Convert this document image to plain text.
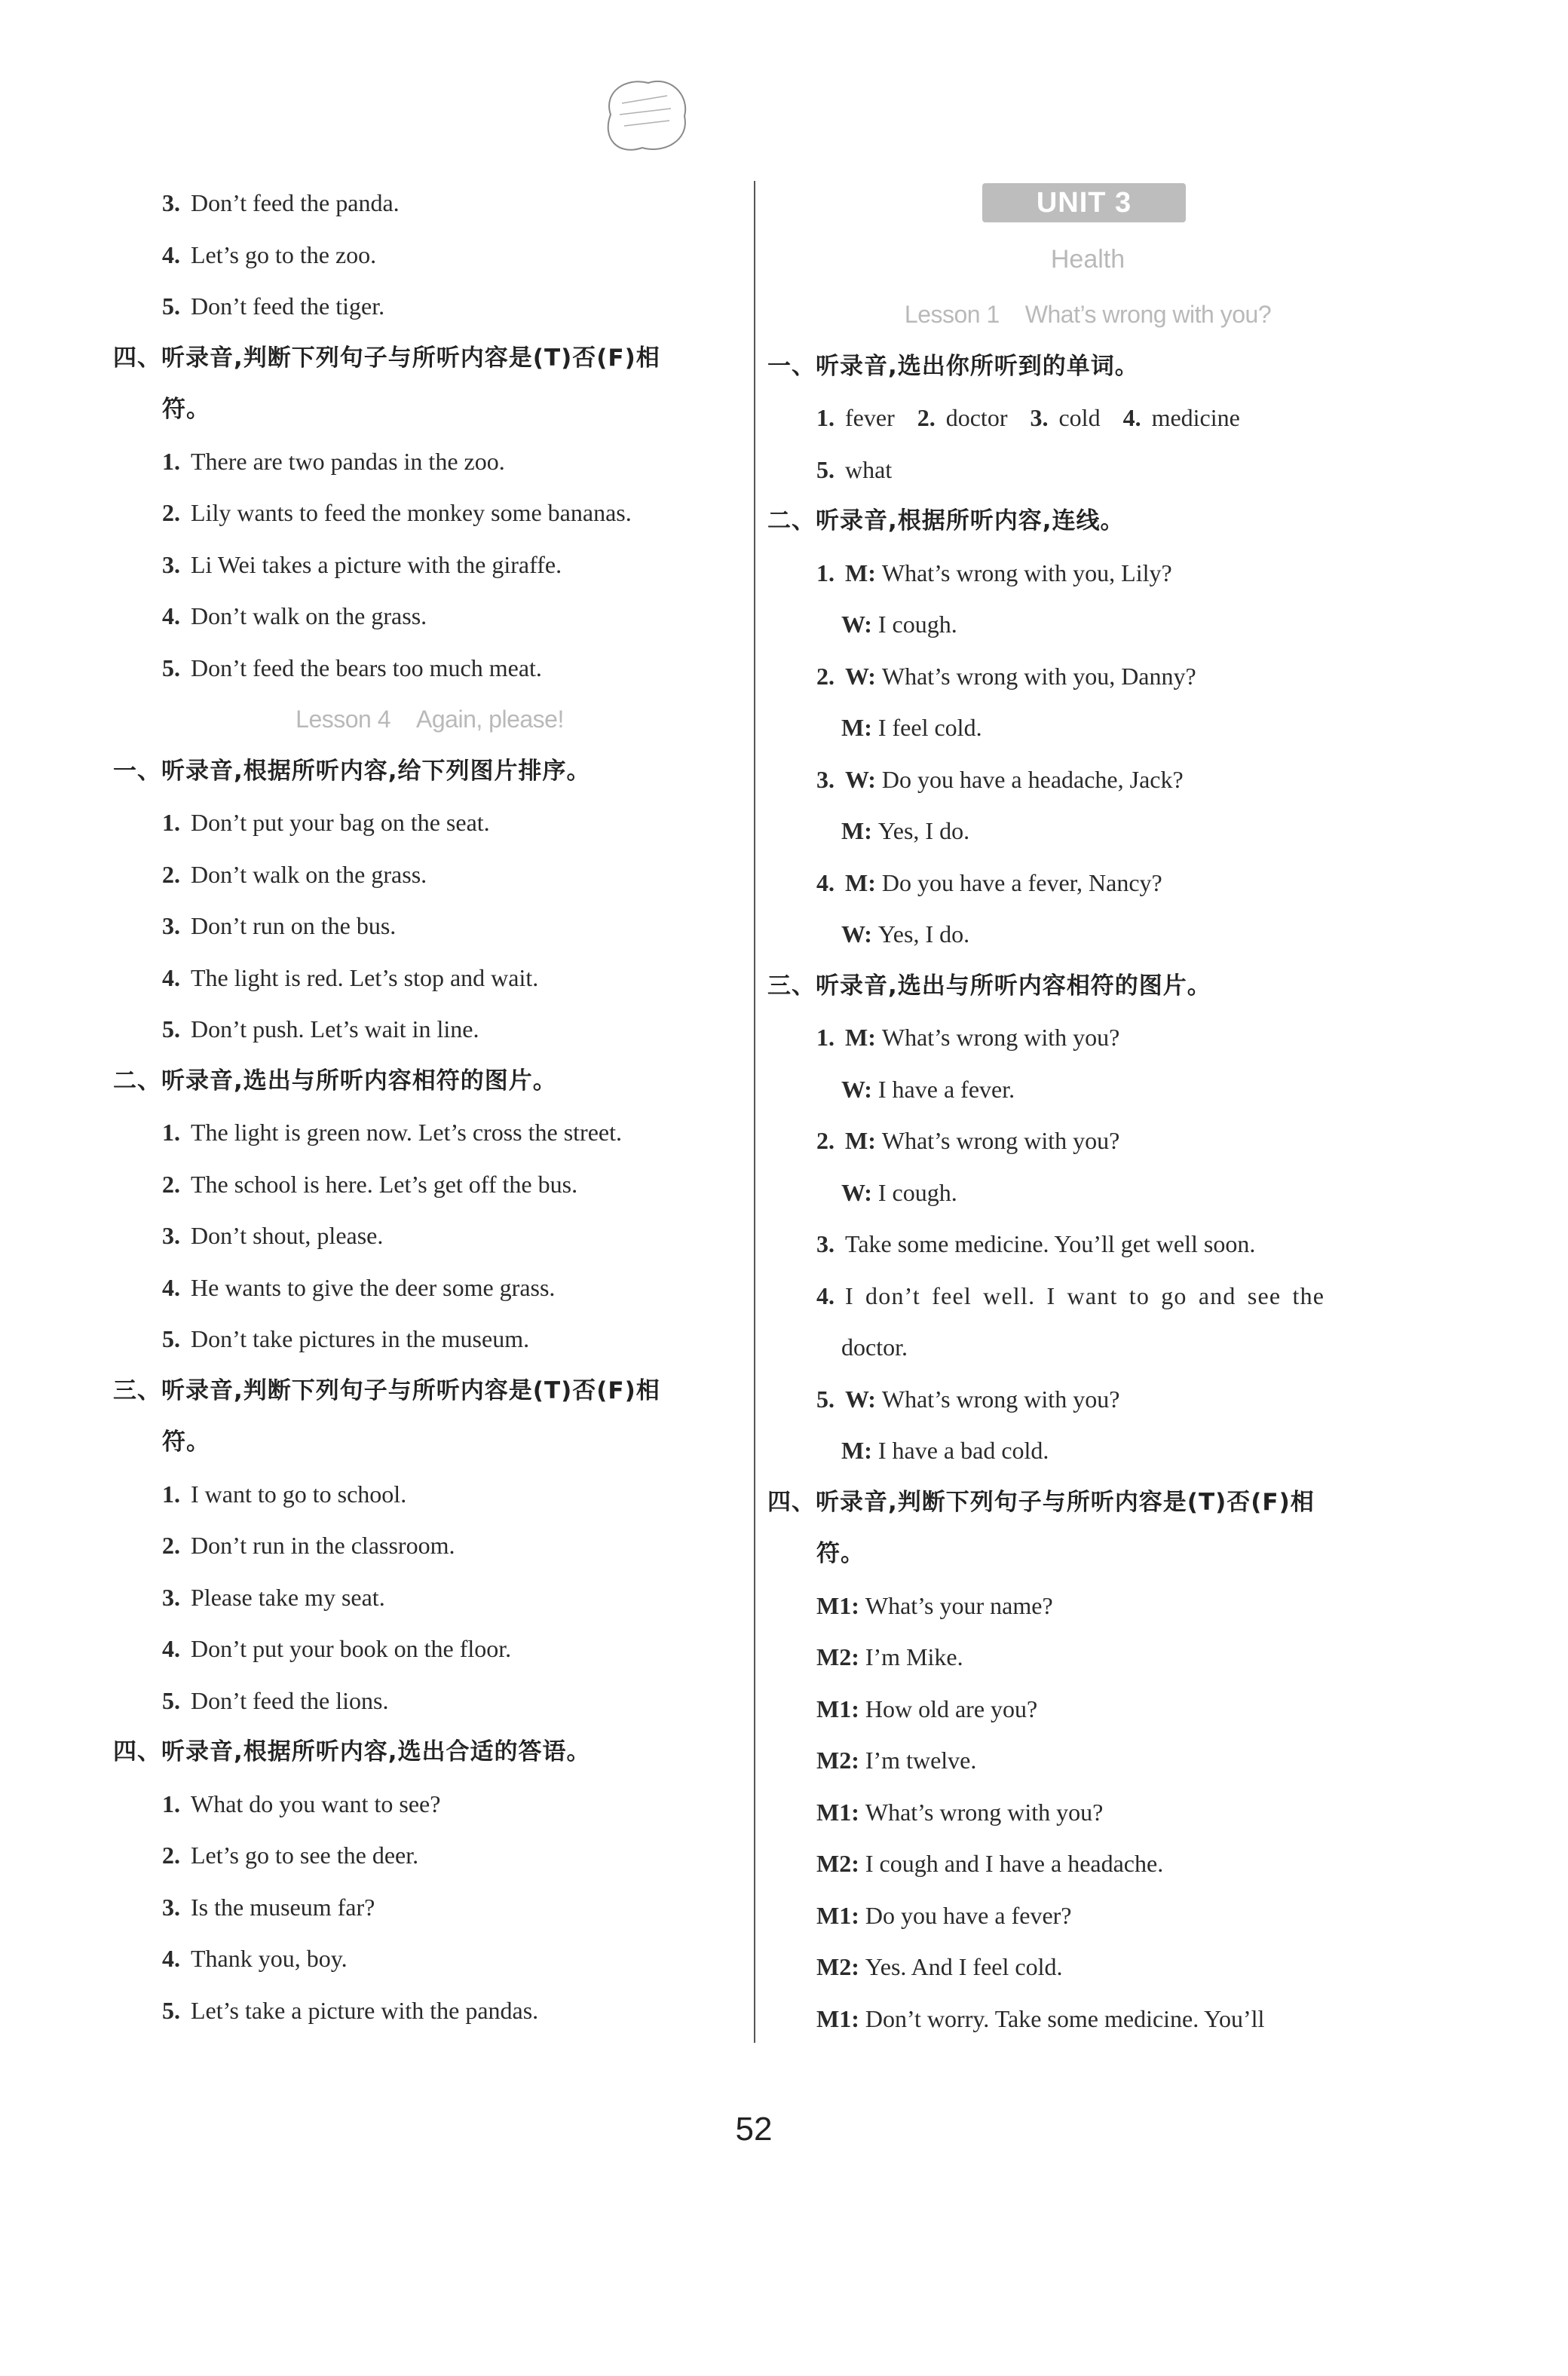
3. Don’t feed the panda.
4. Let’s go to the zoo.
5. Don’t feed the tiger.
四、听录音,判断下列句子与所听内容是(T)否(F)相
符。
1. There are two pandas in the zoo.
2. Lily wants to feed the monkey some bananas.
3. Li Wei takes a picture with the giraffe.
4. Don’t walk on the grass.
5. Don’t feed the bears too much meat.
Lesson 4 Again, please!
一、听录音,根据所听内容,给下列图片排序。
1. Don’t put your bag on the seat.
2. Don’t walk on the grass.
3. Don’t run on the bus.
4. The light is red. Let’s stop and wait.
5. Don’t push. Let’s wait in line.
二、听录音,选出与所听内容相符的图片。
1. The light is green now. Let’s cross the street.
2. The school is here. Let’s get off the bus.
3. Don’t shout, please.
4. He wants to give the deer some grass.
5. Don’t take pictures in the museum.
三、听录音,判断下列句子与所听内容是(T)否(F)相
符。
1. I want to go to school.
2. Don’t run in the classroom.
3. Please take my seat.
4. Don’t put your book on the floor.
5. Don’t feed the lions.
四、听录音,根据所听内容,选出合适的答语。
1. What do you want to see?
2. Let’s go to see the deer.
3. Is the museum far?
4. Thank you, boy.
5. Let’s take a picture with the pandas.
UNIT 3
Health
Lesson 1 What’s wrong with you?
一、听录音,选出你所听到的单词。
1. fever 2. doctor 3. cold 4. medicine
5. what
二、听录音,根据所听内容,连线。
1. M: What’s wrong with you, Lily?
W: I cough.
2. W: What’s wrong with you, Danny?
M: I feel cold.
3. W: Do you have a headache, Jack?
M: Yes, I do.
4. M: Do you have a fever, Nancy?
W: Yes, I do.
三、听录音,选出与所听内容相符的图片。
1. M: What’s wrong with you?
W: I have a fever.
2. M: What’s wrong with you?
W: I cough.
3. Take some medicine. You’ll get well soon.
4. I don’t feel well. I want to go and see the
doctor.
5. W: What’s wrong with you?
M: I have a bad cold.
四、听录音,判断下列句子与所听内容是(T)否(F)相
符。
M1: What’s your name?
M2: I’m Mike.
M1: How old are you?
M2: I’m twelve.
M1: What’s wrong with you?
M2: I cough and I have a headache.
M1: Do you have a fever?
M2: Yes. And I feel cold.
M1: Don’t worry. Take some medicine. You’ll
52
